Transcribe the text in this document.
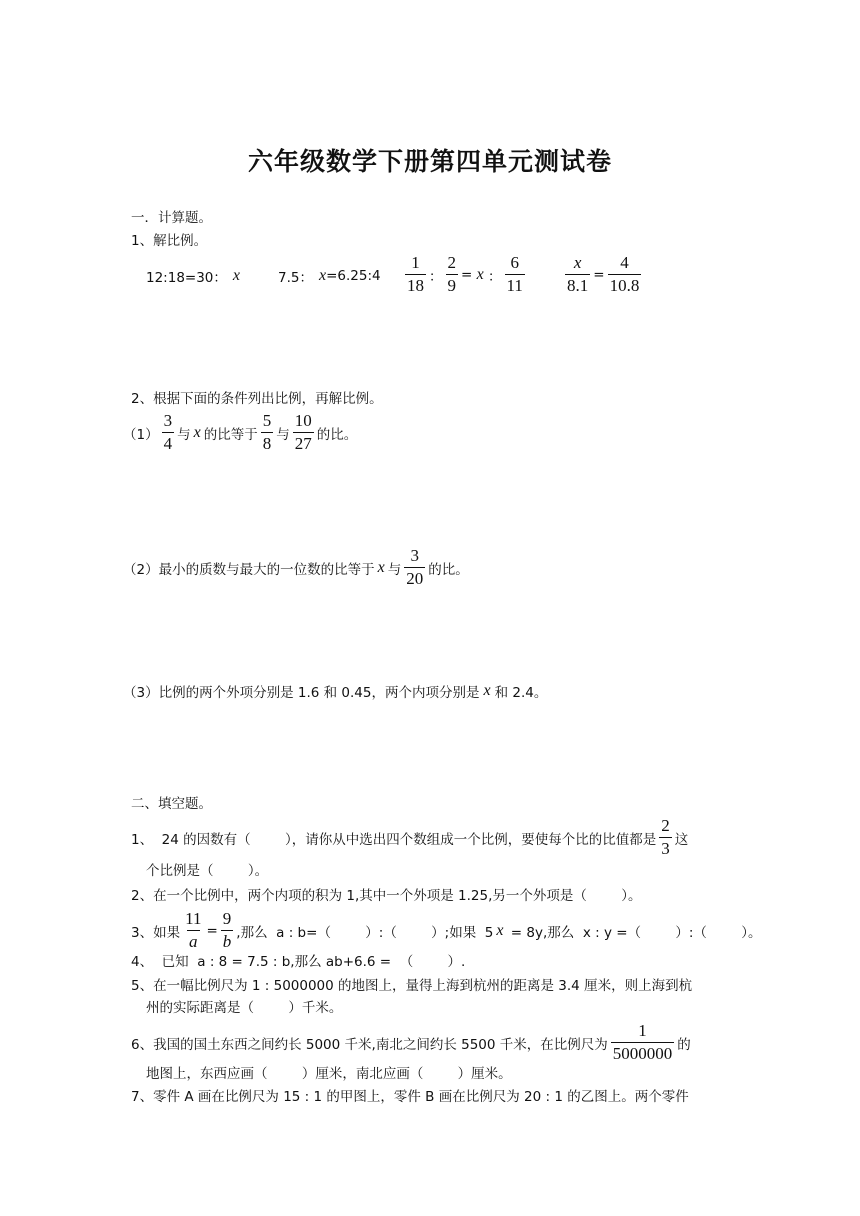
六年级数学下册第四单元测试卷
一．计算题。
1、解比例。
12:18=30： x	7.5： x =6.25:4 $\frac{1}{18}$ ： $\frac{2}{9} = x$ ： $\frac{6}{11} \frac{x}{8.1} = \frac{4}{10.8}$
2、根据下面的条件列出比例，再解比例。
$(1) \frac{3}{4}$ 与 x 的比等于 $\frac{5}{8}$ 与 $\frac{10}{27}$ 的比。
（2）最小的质数与最大的一位数的比等于 x 与 $\frac{3}{20}$ 的比。
（3）比例的两个外项分别是 1.6 和 0.45，两个内项分别是 x 和 2.4。
二、填空题。
1、  24 的因数有（        ），请你从中选出四个数组成一个比例，要使每个比的比值都是 $\frac{2}{3}$ 这
个比例是（        ）。
2、在一个比例中，两个内项的积为 1,其中一个外项是 1.25,另一个外项是（        ）。
3、如果 $\frac{11}{a} = \frac{9}{b}$ ,那么  a : b=（        ）:（        ）;如果  5 x = 8y,那么  x : y =（        ）:（        ）。
4、  已知  a : 8 = 7.5 : b,那么 ab+6.6 =  （        ）.
5、在一幅比例尺为 1 : 5000000 的地图上，量得上海到杭州的距离是 3.4 厘米，则上海到杭
州的实际距离是（        ）千米。
6、我国的国土东西之间约长 5000 千米,南北之间约长 5500 千米，在比例尺为 $\frac{1}{5000000}$ 的
地图上，东西应画（        ）厘米，南北应画（        ）厘米。
7、零件 A 画在比例尺为 15 : 1 的甲图上，零件 B 画在比例尺为 20 : 1 的乙图上。两个零件
